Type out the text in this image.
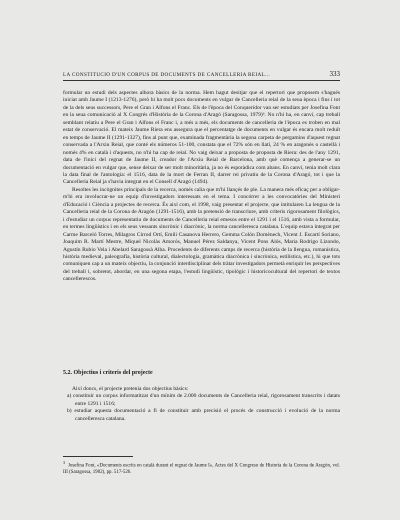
LA CONSTITUCIÓ D'UN CORPUS DE DOCUMENTS DE CANCELLERIA REIAL...	333

formular un estudi dels aspectes alhora bàsics de la norma. Hem hagut desitjar que el repertori que proposem s'hagués iniciat amb Jaume I (1213-1276), però hi ha molt pocs documents en vulgar de Cancelleria reial de la seua època i fins i tot de la dels seus successors, Pere el Gran i Alfons el Franc. Els de l'època del Conqueridor van ser estudiats per Josefina Font en la seua comunicació al X Congrés d'Història de la Corona d'Aragó (Saragossa, 1979)³. No n'hi ha, en canvi, cap treball semblant relatiu a Pere el Gran i Alfons el Franc i, a més a més, els documents de cancelleria de l'època es troben en mal estat de conservació. El mateix Jaume Riera ens assegura que el percentatge de documents en vulgar és encara molt reduït en temps de Jaume II (1291-1327), fins al punt que, examinada fragmentària la segona carpeta de pergamins d'aquest regnat conservada a l'Arxiu Reial, que conté els números 51-100, constata que el 72% són en llatí, 24 % en aragonès o castellà i només 4% en català i d'aquests, no n'hi ha cap de reial. No vaig deixar a proposta de proposta de Riera: des de l'any 1291, data de l'inici del regnat de Jaume II, creador de l'Arxiu Reial de Barcelona, amb què comença a generar-se un documentació en vulgar que, sense deixar de ser molt minoritària, ja no és esporàdica com abans. En canvi, tenia molt clara la data final de l'antologia: el 1516, data de la mort de Ferran II, darrer rei privatiu de la Corona d'Aragó, tot i que la Cancelleria Reial ja s'havia integrat en el Consell d'Aragó (1494).

Resoltes les incògnites principals de la recerca, només calia que m'hi llançés de ple. La manera més eficaç per a obligar-m'hi era involucrar-ne un equip d'investigadors interessats en el tema. I concórrer a les convocatòries del Ministeri d'Educació i Ciència a projectes de recerca. És així com, el 1998, vaig presentar el projecte, que intitularen La lengua de la Cancelleria reial de la Corona de Aragón (1291-1516), amb la pretensió de transcriure, amb criteris rigorosament filològics, i d'estudiar un corpus representatiu de documents de Cancelleria reial emesos entre el 1291 i el 1516, amb vista a formular, en termes lingüístics i en els seus vessants sincrònic i diacrònic, la norma cancelleresca catalana. L'equip estava integrat per Carme Barceló Torres, Milagros Cirrod Ortí, Emili Casanova Herrero, Gemma Colón Domènech, Vicent J. Escartí Soriano, Joaquim R. Martí Mestre, Miquel Nicolàs Amorós, Manuel Pérez Saldanya, Vicent Pons Alós, Maria Rodrigo Lizondo, Agustín Rubio Vela i Abelard Saragossà Alba. Procedents de diferents camps de recerca (història de la llengua, romanística, història medieval, paleografia, història cultural, dialectologia, gramàtica diacrònica i sincrònica, estilística, etc.), hi que tots comuniquen cap a un mateix objectiu, la conjunció interdisciplinar dels tràtar investigadors permetà enriquir les perspectives del treball i, sobretot, abordar, en una segona etapa, l'estudi lingüístic, tipològic i historicocultural del repertori de textos cancellerescos.

5.2. Objectius i criteris del projecte

Així doncs, el projecte pretenia dos objectius bàsics:

a) constituir un corpus informatitzat d'un mínim de 2.000 documents de Cancelleria reial, rigorosament transcrits i datats entre 1291 i 1516;
b) estudiar aquesta documentació a fi de constituir amb precisió el procés de construcció i evolució de la norma cancelleresca catalana.
$^3$Josefina Font, «Documents escrits en català durant el regnat de Jaume I», Actes del X Congreso de Historia de la Corona de Aragón, vol. III (Saragossa, 1982), pp. 517-526.
